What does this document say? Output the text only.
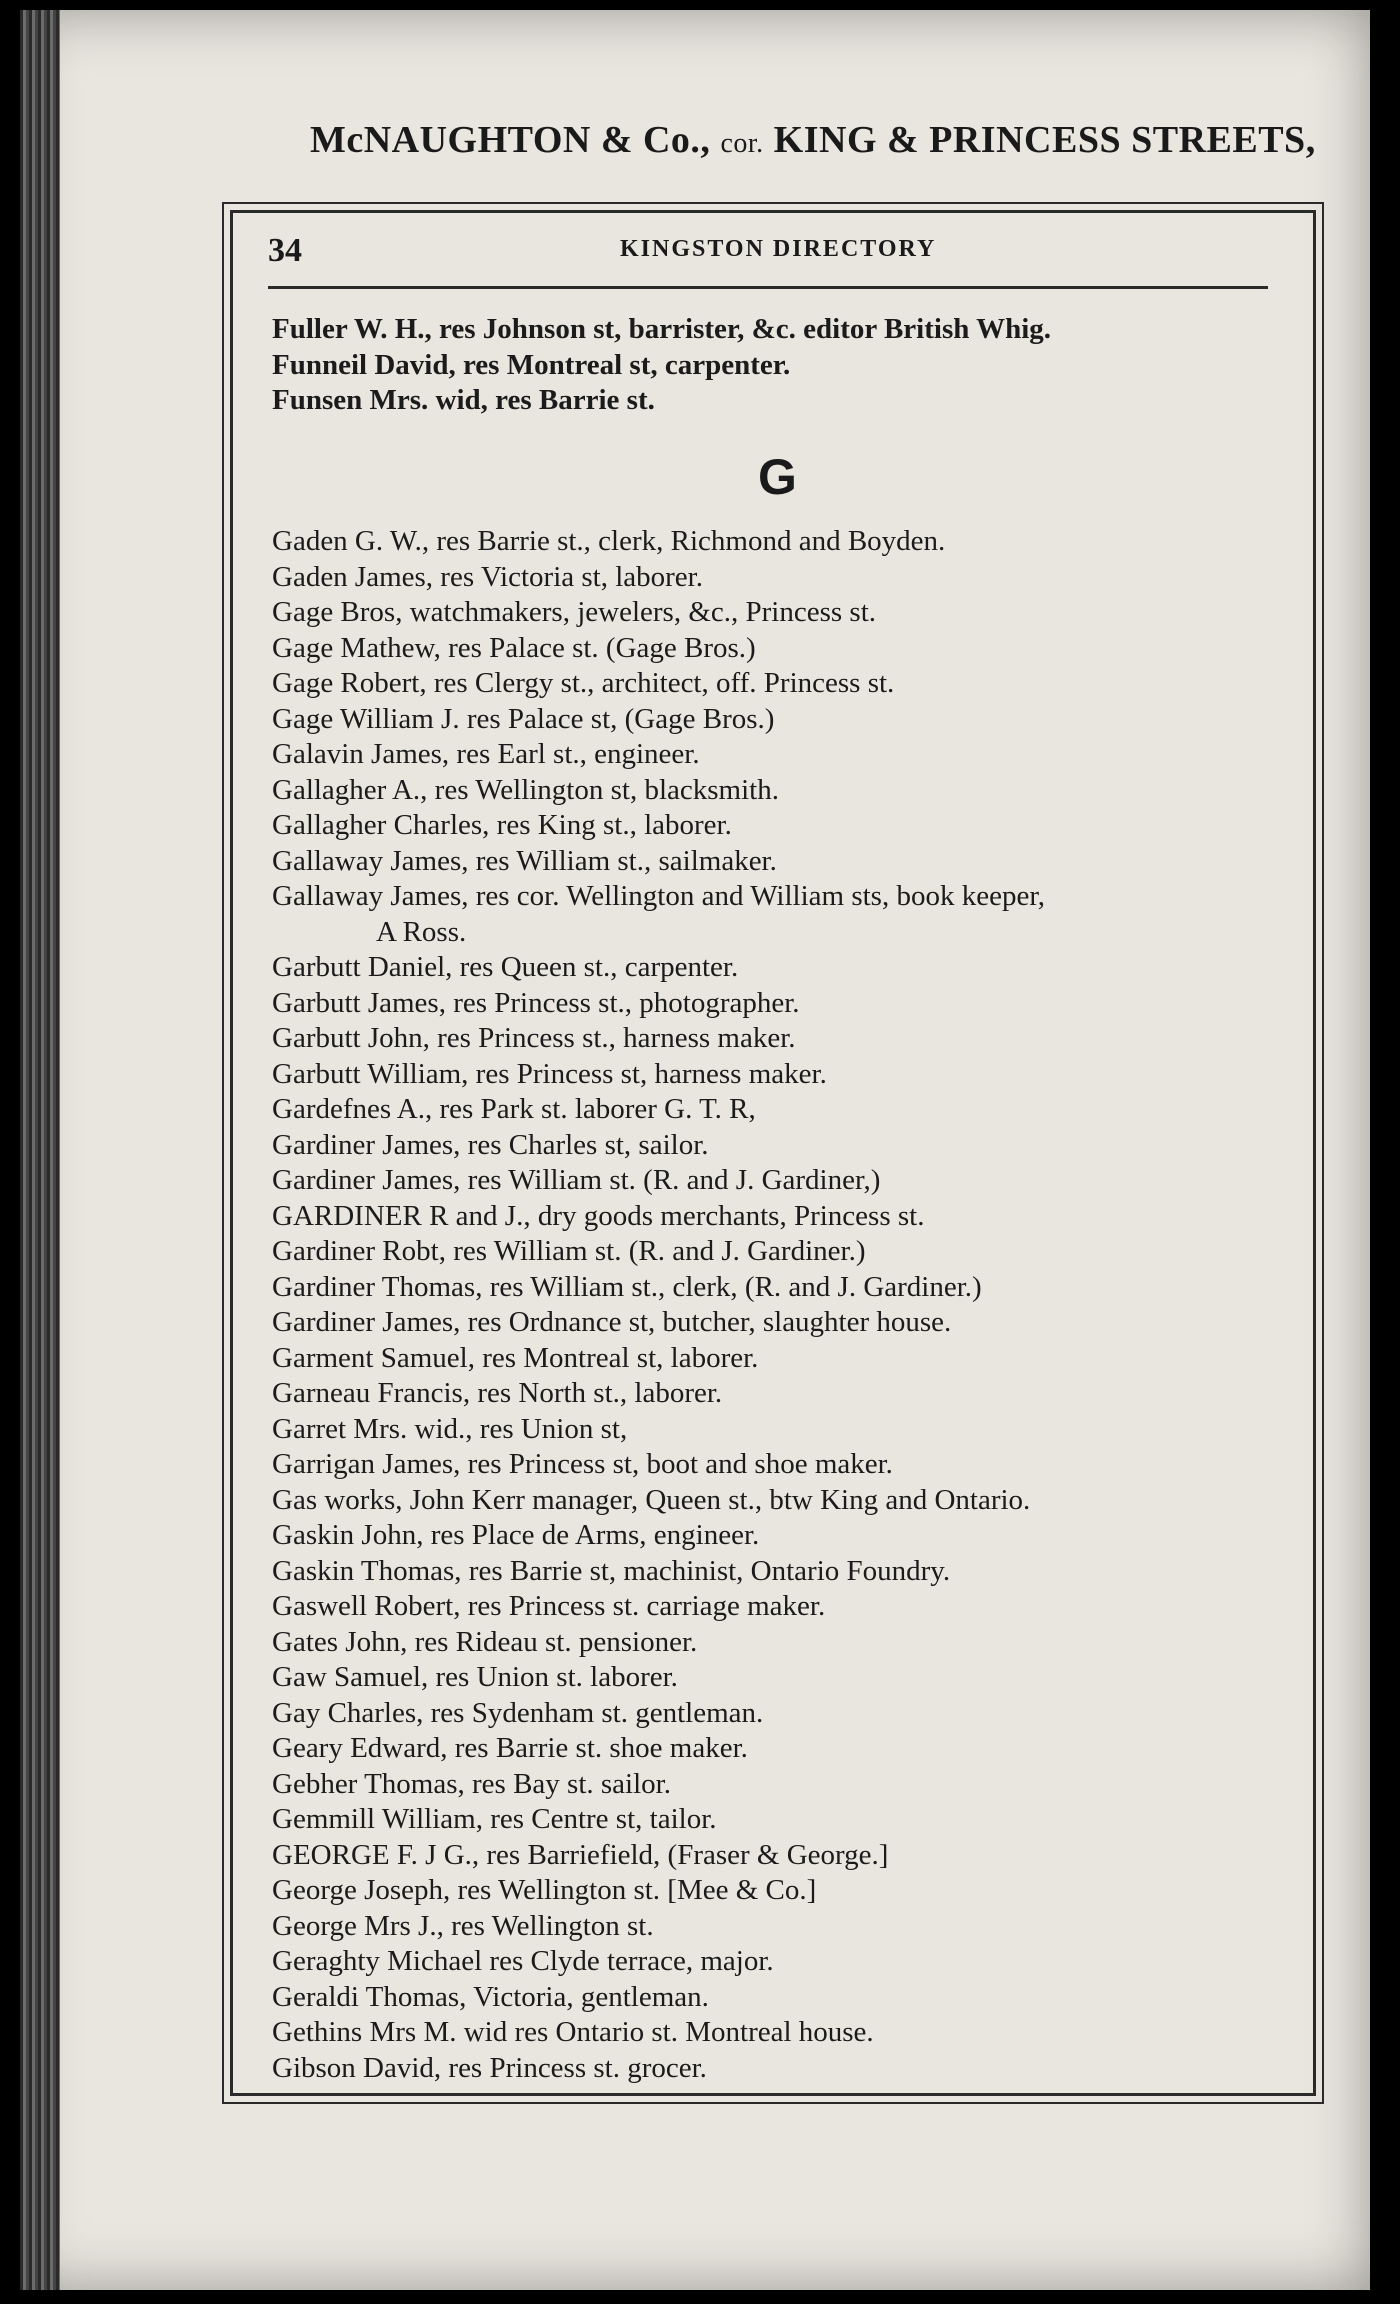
McNAUGHTON & Co., cor. KING & PRINCESS STREETS,
34	KINGSTON DIRECTORY
Fuller W. H., res Johnson st, barrister, &c. editor British Whig.
Funneil David, res Montreal st, carpenter.
Funsen Mrs. wid, res Barrie st.
G
Gaden G. W., res Barrie st., clerk, Richmond and Boyden.
Gaden James, res Victoria st, laborer.
Gage Bros, watchmakers, jewelers, &c., Princess st.
Gage Mathew, res Palace st. (Gage Bros.)
Gage Robert, res Clergy st., architect, off. Princess st.
Gage William J. res Palace st, (Gage Bros.)
Galavin James, res Earl st., engineer.
Gallagher A., res Wellington st, blacksmith.
Gallagher Charles, res King st., laborer.
Gallaway James, res William st., sailmaker.
Gallaway James, res cor. Wellington and William sts, book keeper,
A Ross.
Garbutt Daniel, res Queen st., carpenter.
Garbutt James, res Princess st., photographer.
Garbutt John, res Princess st., harness maker.
Garbutt William, res Princess st, harness maker.
Gardefnes A., res Park st. laborer G. T. R,
Gardiner James, res Charles st, sailor.
Gardiner James, res William st. (R. and J. Gardiner,)
GARDINER R and J., dry goods merchants, Princess st.
Gardiner Robt, res William st. (R. and J. Gardiner.)
Gardiner Thomas, res William st., clerk, (R. and J. Gardiner.)
Gardiner James, res Ordnance st, butcher, slaughter house.
Garment Samuel, res Montreal st, laborer.
Garneau Francis, res North st., laborer.
Garret Mrs. wid., res Union st,
Garrigan James, res Princess st, boot and shoe maker.
Gas works, John Kerr manager, Queen st., btw King and Ontario.
Gaskin John, res Place de Arms, engineer.
Gaskin Thomas, res Barrie st, machinist, Ontario Foundry.
Gaswell Robert, res Princess st. carriage maker.
Gates John, res Rideau st. pensioner.
Gaw Samuel, res Union st. laborer.
Gay Charles, res Sydenham st. gentleman.
Geary Edward, res Barrie st. shoe maker.
Gebher Thomas, res Bay st. sailor.
Gemmill William, res Centre st, tailor.
GEORGE F. J G., res Barriefield, (Fraser & George.]
George Joseph, res Wellington st. [Mee & Co.]
George Mrs J., res Wellington st.
Geraghty Michael res Clyde terrace, major.
Geraldi Thomas, Victoria, gentleman.
Gethins Mrs M. wid res Ontario st. Montreal house.
Gibson David, res Princess st. grocer.
